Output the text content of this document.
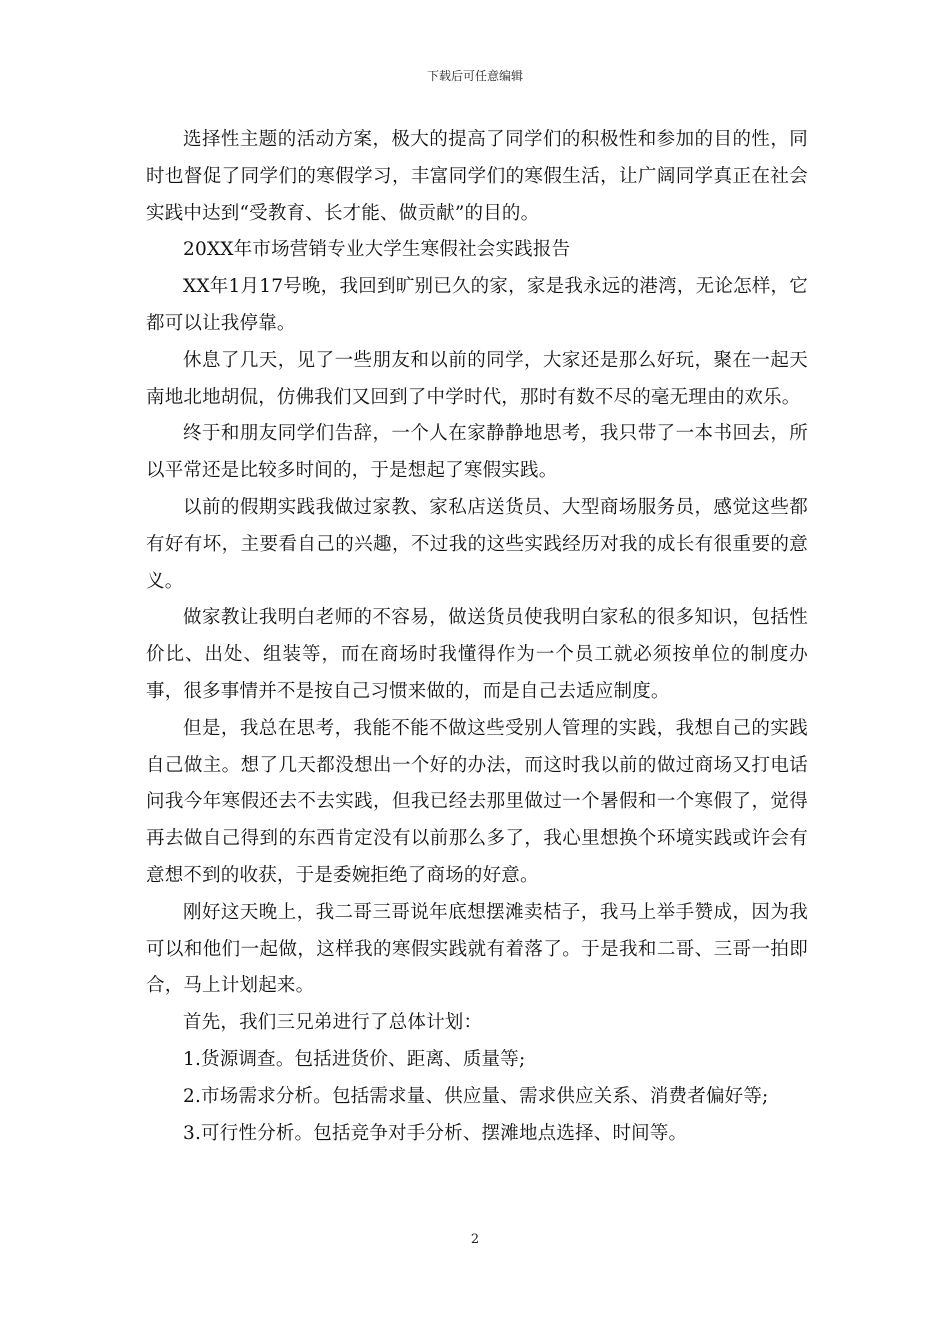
下载后可任意编辑

选择性主题的活动方案，极大的提高了同学们的积极性和参加的目的性，同时也督促了同学们的寒假学习，丰富同学们的寒假生活，让广阔同学真正在社会实践中达到“受教育、长才能、做贡献”的目的。

20XX年市场营销专业大学生寒假社会实践报告

XX年1月17号晚，我回到旷别已久的家，家是我永远的港湾，无论怎样，它都可以让我停靠。

休息了几天，见了一些朋友和以前的同学，大家还是那么好玩，聚在一起天南地北地胡侃，仿佛我们又回到了中学时代，那时有数不尽的毫无理由的欢乐。

终于和朋友同学们告辞，一个人在家静静地思考，我只带了一本书回去，所以平常还是比较多时间的，于是想起了寒假实践。

以前的假期实践我做过家教、家私店送货员、大型商场服务员，感觉这些都有好有坏，主要看自己的兴趣，不过我的这些实践经历对我的成长有很重要的意义。

做家教让我明白老师的不容易，做送货员使我明白家私的很多知识，包括性价比、出处、组装等，而在商场时我懂得作为一个员工就必须按单位的制度办事，很多事情并不是按自己习惯来做的，而是自己去适应制度。

但是，我总在思考，我能不能不做这些受别人管理的实践，我想自己的实践自己做主。想了几天都没想出一个好的办法，而这时我以前的做过商场又打电话问我今年寒假还去不去实践，但我已经去那里做过一个暑假和一个寒假了，觉得再去做自己得到的东西肯定没有以前那么多了，我心里想换个环境实践或许会有意想不到的收获，于是委婉拒绝了商场的好意。

刚好这天晚上，我二哥三哥说年底想摆滩卖桔子，我马上举手赞成，因为我可以和他们一起做，这样我的寒假实践就有着落了。于是我和二哥、三哥一拍即合，马上计划起来。

首先，我们三兄弟进行了总体计划：

1.货源调查。包括进货价、距离、质量等;

2.市场需求分析。包括需求量、供应量、需求供应关系、消费者偏好等;

3.可行性分析。包括竞争对手分析、摆滩地点选择、时间等。

2
